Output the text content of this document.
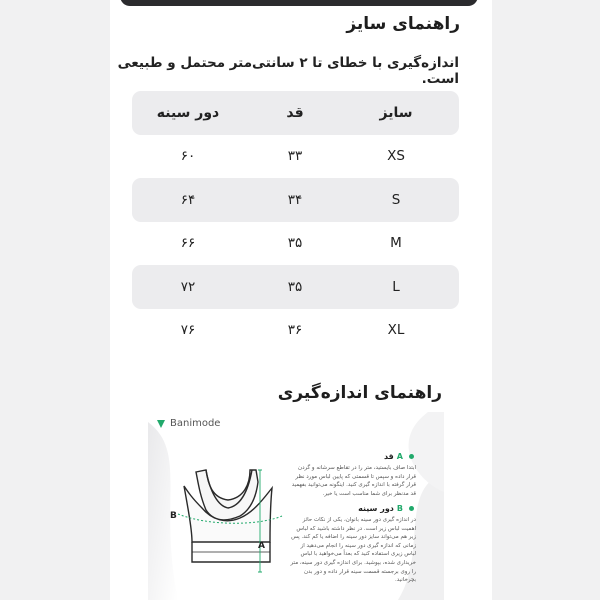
راهنمای سایز
اندازه‌گیری با خطای تا ۲ سانتی‌متر محتمل و طبیعی است.
سایز
قد
دور سینه
XS
۳۳
۶۰
S
۳۴
۶۴
M
۳۵
۶۶
L
۳۵
۷۲
XL
۳۶
۷۶
راهنمای اندازه‌گیری
Banimode
B
A
Aقد
ابتدا صاف بایستید، متر را در تقاطع سرشانه و گردن قرار داده و سپس تا قسمتی که پایین لباس مورد نظر قرار گرفته با اندازه گیری کنید. اینگونه می‌توانید بفهمید قد مدنظر برای شما مناسب است یا خیر.
Bدور سینه
در اندازه گیری دور سینه بانوان، یکی از نکات حائز اهمیت لباس زیر است. در نظر داشته باشید که لباس زیر هم می‌تواند سایز دور سینه را اضافه یا کم کند. پس زمانی که اندازه گیری دور سینه را انجام می‌دهید از لباس زیری استفاده کنید که بعداً می‌خواهید با لباس خریداری شده، بپوشید. برای اندازه گیری دور سینه، متر را روی برجسته قسمت سینه قرار داده و دور بدن بچرخانید.
